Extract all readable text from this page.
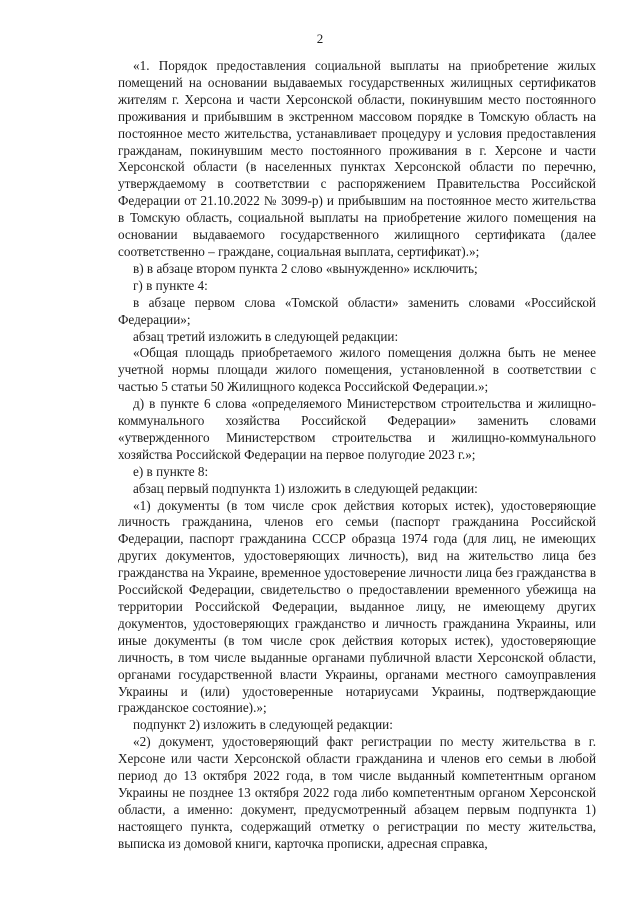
2

«1. Порядок предоставления социальной выплаты на приобретение жилых помещений на основании выдаваемых государственных жилищных сертификатов жителям г. Херсона и части Херсонской области, покинувшим место постоянного проживания и прибывшим в экстренном массовом порядке в Томскую область на постоянное место жительства, устанавливает процедуру и условия предоставления гражданам, покинувшим место постоянного проживания в г. Херсоне и части Херсонской области (в населенных пунктах Херсонской области по перечню, утверждаемому в соответствии с распоряжением Правительства Российской Федерации от 21.10.2022 № 3099-р) и прибывшим на постоянное место жительства в Томскую область, социальной выплаты на приобретение жилого помещения на основании выдаваемого государственного жилищного сертификата (далее соответственно – граждане, социальная выплата, сертификат).»;

в) в абзаце втором пункта 2 слово «вынужденно» исключить;

г) в пункте 4:

в абзаце первом слова «Томской области» заменить словами «Российской Федерации»;

абзац третий изложить в следующей редакции:

«Общая площадь приобретаемого жилого помещения должна быть не менее учетной нормы площади жилого помещения, установленной в соответствии с частью 5 статьи 50 Жилищного кодекса Российской Федерации.»;

д) в пункте 6 слова «определяемого Министерством строительства и жилищно-коммунального хозяйства Российской Федерации» заменить словами «утвержденного Министерством строительства и жилищно-коммунального хозяйства Российской Федерации на первое полугодие 2023 г.»;

е) в пункте 8:

абзац первый подпункта 1) изложить в следующей редакции:

«1) документы (в том числе срок действия которых истек), удостоверяющие личность гражданина, членов его семьи (паспорт гражданина Российской Федерации, паспорт гражданина СССР образца 1974 года (для лиц, не имеющих других документов, удостоверяющих личность), вид на жительство лица без гражданства на Украине, временное удостоверение личности лица без гражданства в Российской Федерации, свидетельство о предоставлении временного убежища на территории Российской Федерации, выданное лицу, не имеющему других документов, удостоверяющих гражданство и личность гражданина Украины, или иные документы (в том числе срок действия которых истек), удостоверяющие личность, в том числе выданные органами публичной власти Херсонской области, органами государственной власти Украины, органами местного самоуправления Украины и (или) удостоверенные нотариусами Украины, подтверждающие гражданское состояние).»;

подпункт 2) изложить в следующей редакции:

«2) документ, удостоверяющий факт регистрации по месту жительства в г. Херсоне или части Херсонской области гражданина и членов его семьи в любой период до 13 октября 2022 года, в том числе выданный компетентным органом Украины не позднее 13 октября 2022 года либо компетентным органом Херсонской области, а именно: документ, предусмотренный абзацем первым подпункта 1) настоящего пункта, содержащий отметку о регистрации по месту жительства, выписка из домовой книги, карточка прописки, адресная справка,
